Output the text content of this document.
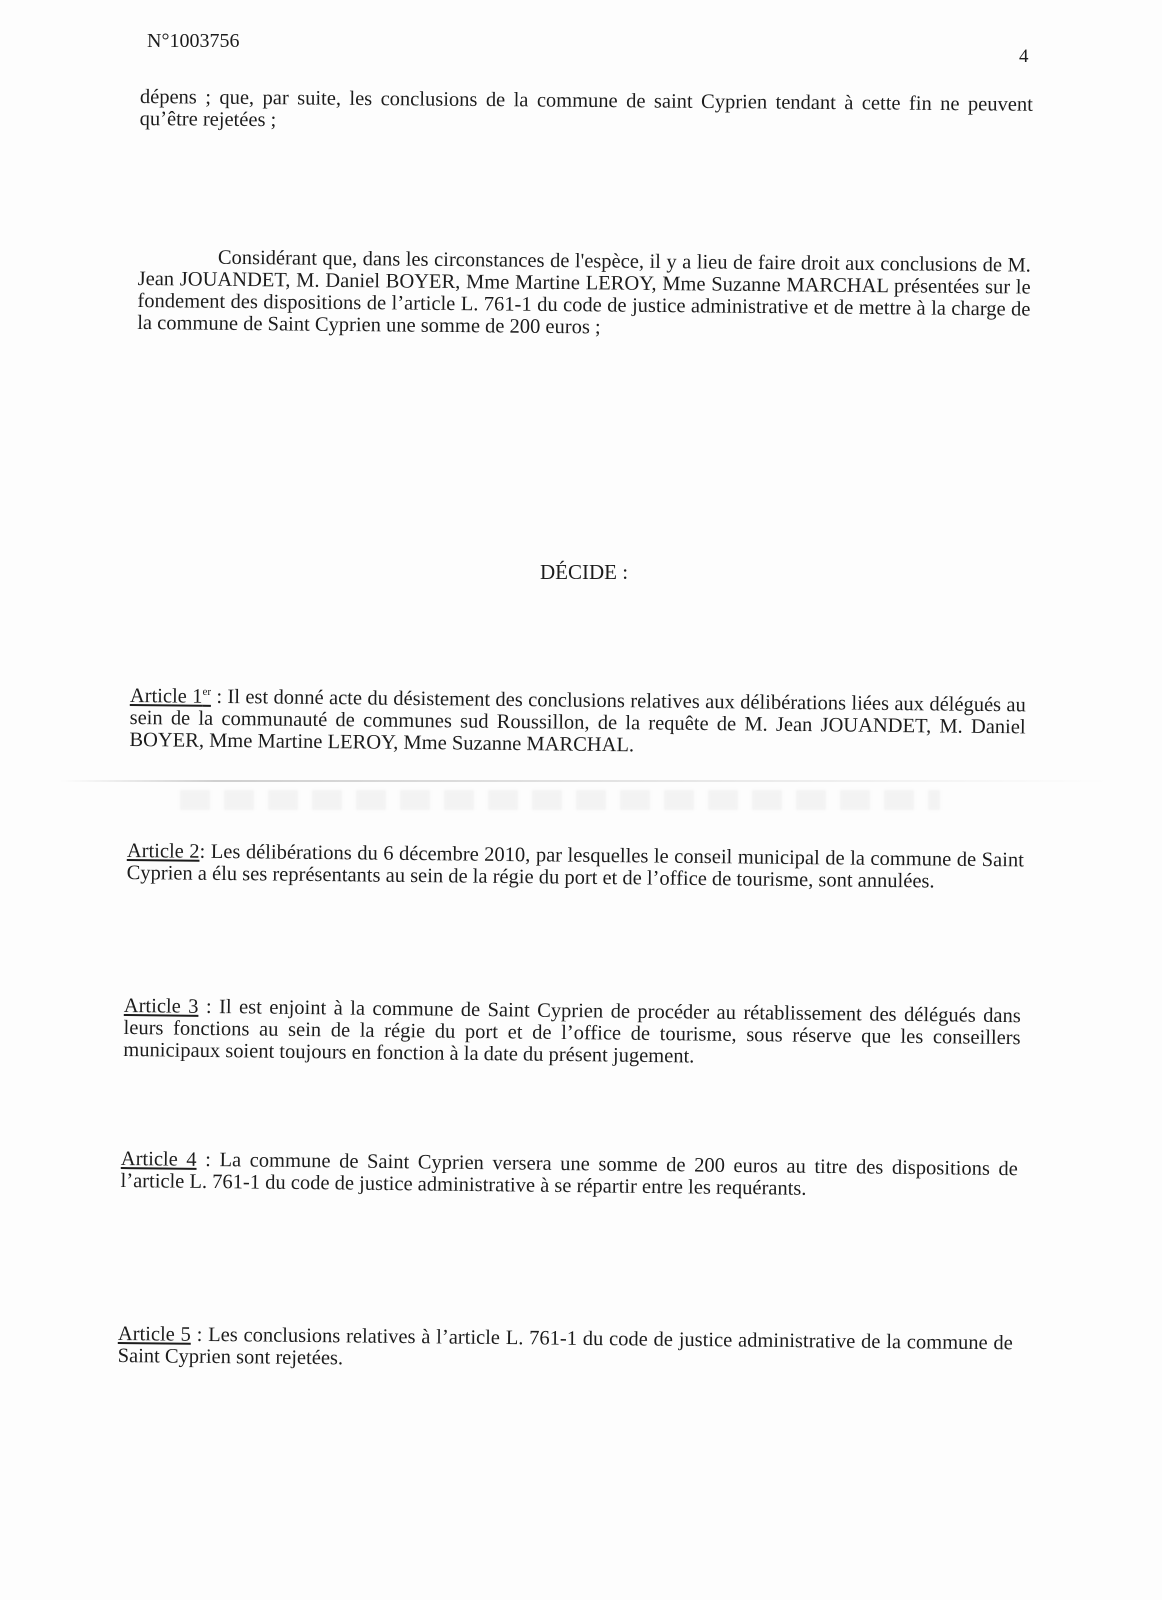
N°1003756
4

dépens ; que, par suite, les conclusions de la commune de saint Cyprien tendant à cette fin ne peuvent qu’être rejetées ;

Considérant que, dans les circonstances de l'espèce, il y a lieu de faire droit aux conclusions de M. Jean JOUANDET, M. Daniel BOYER, Mme Martine LEROY, Mme Suzanne MARCHAL présentées sur le fondement des dispositions de l’article L. 761-1 du code de justice administrative et de mettre à la charge de la commune de Saint Cyprien une somme de 200 euros ;

DÉCIDE :

Article 1er : Il est donné acte du désistement des conclusions relatives aux délibérations liées aux délégués au sein de la communauté de communes sud Roussillon, de la requête de M. Jean JOUANDET, M. Daniel BOYER, Mme Martine LEROY, Mme Suzanne MARCHAL.

Article 2: Les délibérations du 6 décembre 2010, par lesquelles le conseil municipal de la commune de Saint Cyprien a élu ses représentants au sein de la régie du port et de l’office de tourisme, sont annulées.

Article 3 : Il est enjoint à la commune de Saint Cyprien de procéder au rétablissement des délégués dans leurs fonctions au sein de la régie du port et de l’office de tourisme, sous réserve que les conseillers municipaux soient toujours en fonction à la date du présent jugement.

Article 4 : La commune de Saint Cyprien versera une somme de 200 euros au titre des dispositions de l’article L. 761-1 du code de justice administrative à se répartir entre les requérants.

Article 5 : Les conclusions relatives à l’article L. 761-1 du code de justice administrative de la commune de Saint Cyprien sont rejetées.
